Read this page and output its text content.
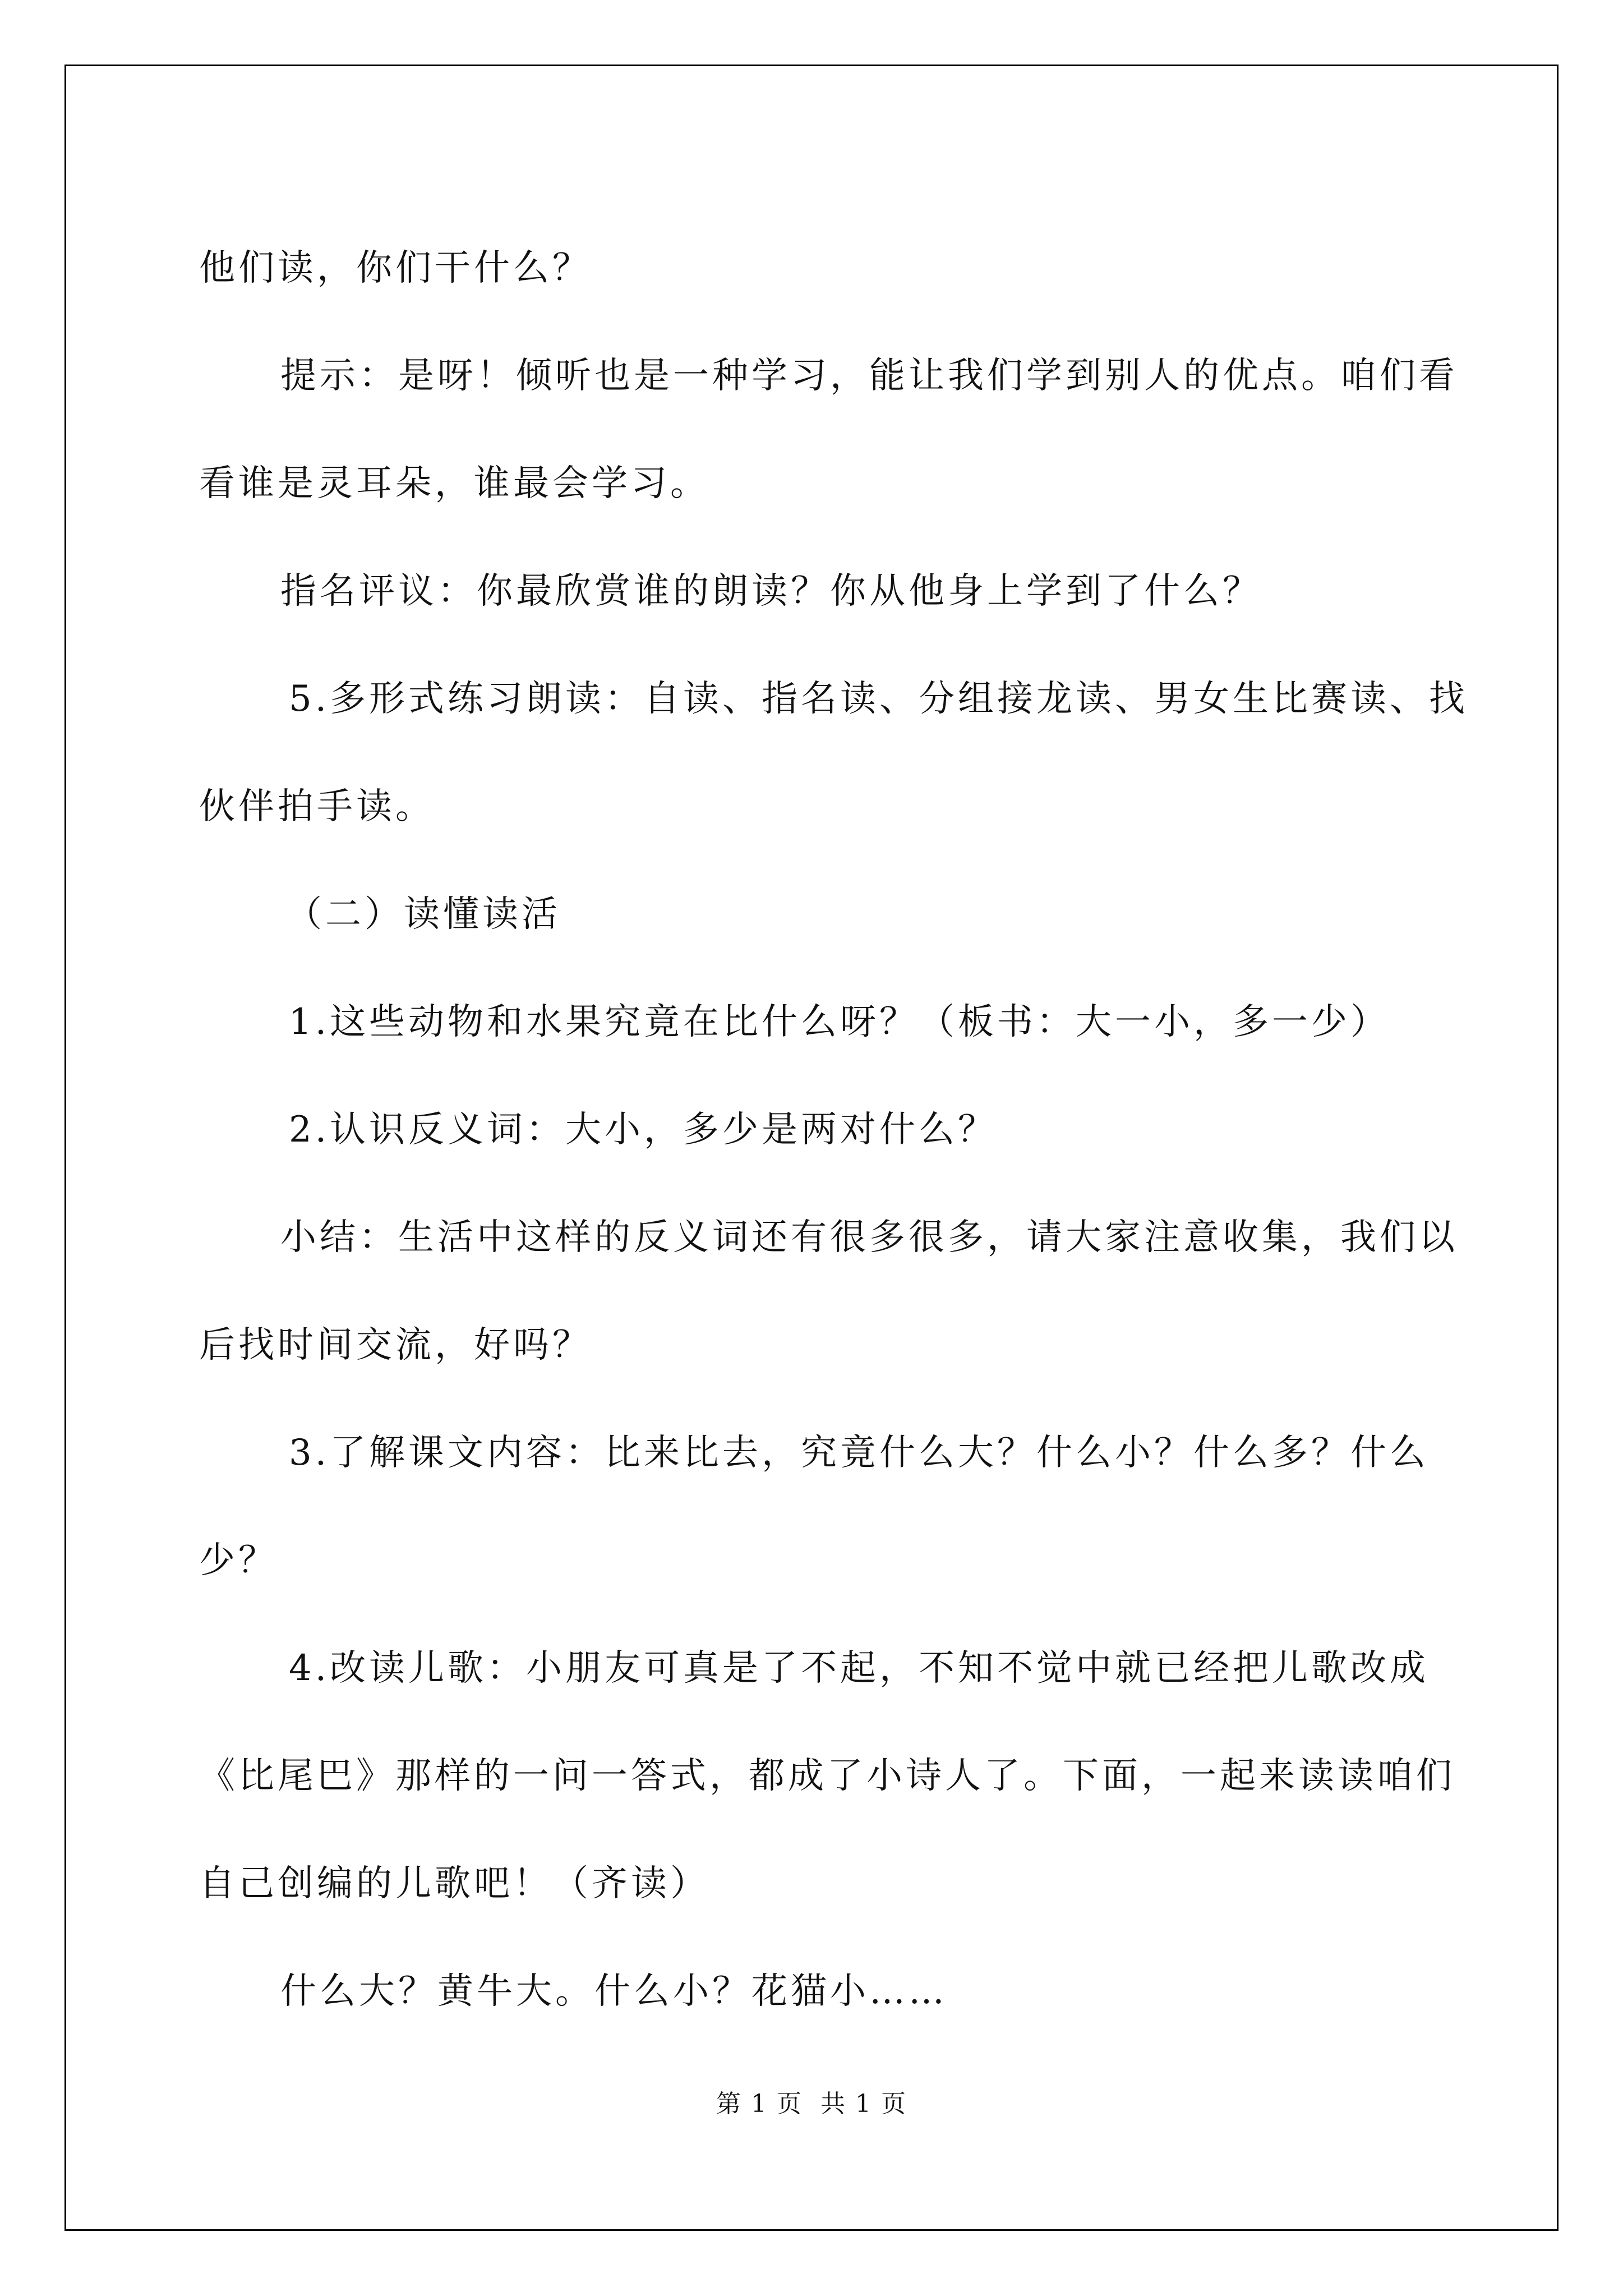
他们读，你们干什么？

提示：是呀！倾听也是一种学习，能让我们学到别人的优点。咱们看看谁是灵耳朵，谁最会学习。

指名评议：你最欣赏谁的朗读？你从他身上学到了什么？

5.多形式练习朗读：自读、指名读、分组接龙读、男女生比赛读、找伙伴拍手读。

（二）读懂读活

1.这些动物和水果究竟在比什么呀？（板书：大一小，多一少）

2.认识反义词：大小，多少是两对什么？

小结：生活中这样的反义词还有很多很多，请大家注意收集，我们以后找时间交流，好吗？

3.了解课文内容：比来比去，究竟什么大？什么小？什么多？什么少？

4.改读儿歌：小朋友可真是了不起，不知不觉中就已经把儿歌改成《比尾巴》那样的一问一答式，都成了小诗人了。下面，一起来读读咱们自己创编的儿歌吧！（齐读）

什么大？黄牛大。什么小？花猫小……

第 1 页 共 1 页
